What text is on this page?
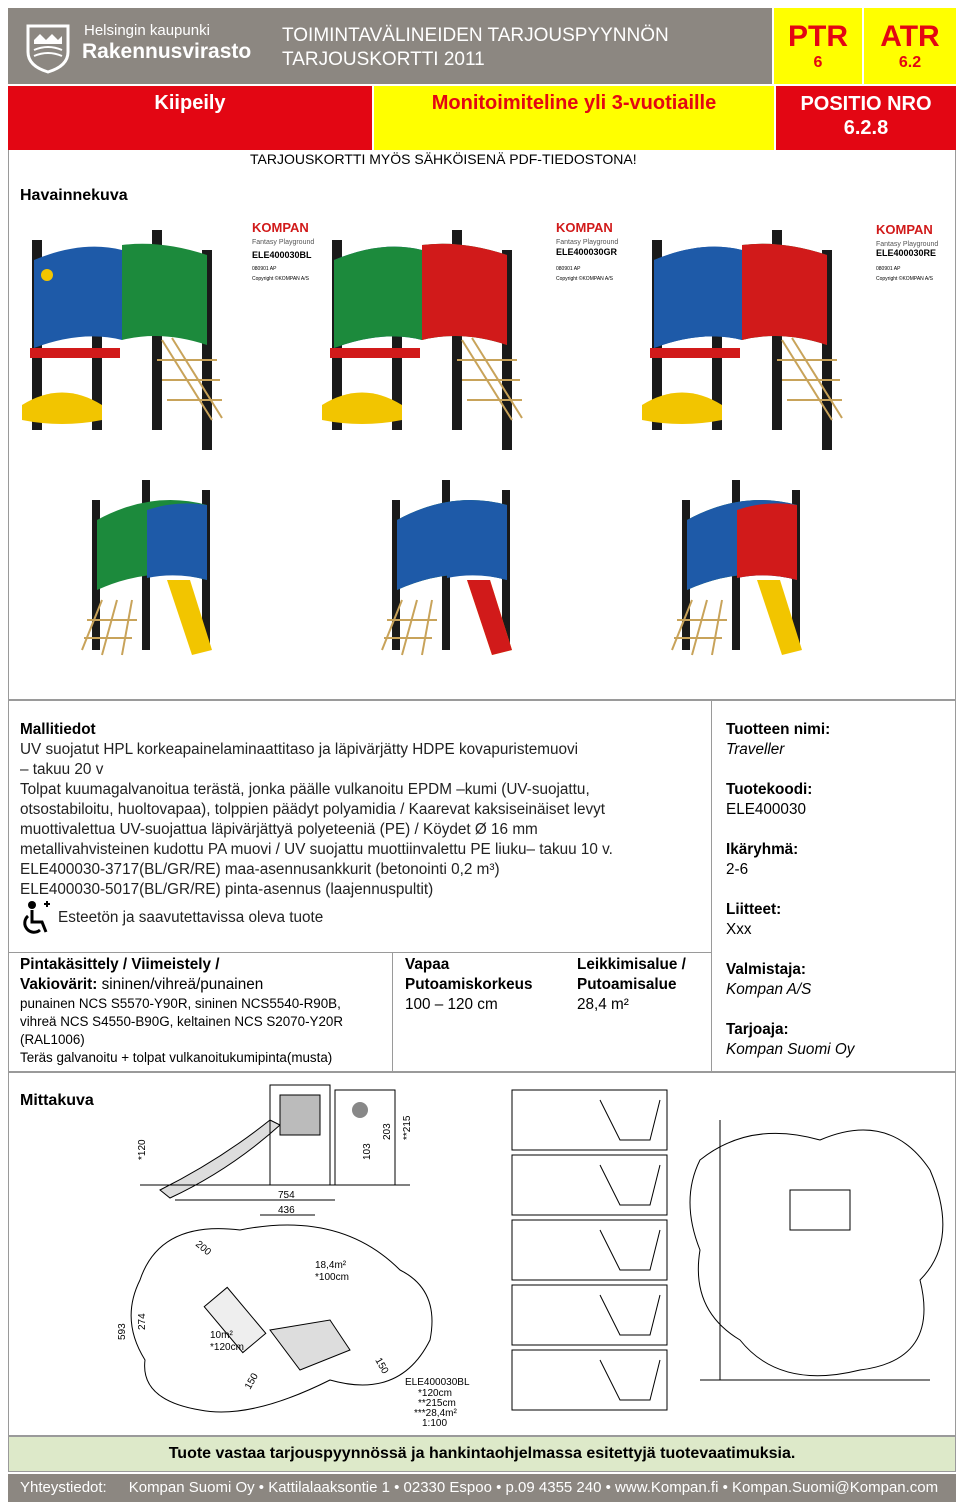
Helsingin kaupunki
Rakennusvirasto
TOIMINTAVÄLINEIDEN TARJOUSPYYNNÖN
TARJOUSKORTTI 2011
PTR
6
ATR
6.2
Kiipeily	Monitoimiteline yli 3-vuotiaille	POSITIO NRO
6.2.8
TARJOUSKORTTI MYÖS SÄHKÖISENÄ PDF-TIEDOSTONA!
Havainnekuva
KOMPAN
Fantasy Playground
ELE400030BL
080901 AP
Copyright ©KOMPAN A/S
KOMPAN
Fantasy Playground
ELE400030GR
080901 AP
Copyright ©KOMPAN A/S
KOMPAN
Fantasy Playground
ELE400030RE
080901 AP
Copyright ©KOMPAN A/S
Mallitiedot
UV suojatut HPL korkeapainelaminaattitaso ja läpivärjätty HDPE kovapuristemuovi
– takuu 20 v
Tolpat kuumagalvanoitua terästä, jonka päälle vulkanoitu EPDM –kumi (UV-suojattu,
otsostabiloitu, huoltovapaa), tolppien päädyt polyamidia / Kaarevat kaksiseinäiset levyt
muottivalettua UV-suojattua läpivärjättyä polyeteeniä (PE) / Köydet Ø 16 mm
metallivahvisteinen kudottu PA muovi / UV suojattu muottiinvalettu PE liuku– takuu 10 v.
ELE400030-3717(BL/GR/RE) maa-asennusankkurit (betonointi 0,2 m³)
ELE400030-5017(BL/GR/RE) pinta-asennus (laajennuspultit)
Esteetön ja saavutettavissa oleva tuote
Tuotteen nimi:
Traveller
Tuotekoodi:
ELE400030
Ikäryhmä:
2-6
Liitteet:
Xxx
Valmistaja:
Kompan A/S
Tarjoaja:
Kompan Suomi Oy
Pintakäsittely / Viimeistely /
Vakiovärit: sininen/vihreä/punainen
punainen NCS S5570-Y90R, sininen NCS5540-R90B,
vihreä NCS S4550-B90G, keltainen NCS S2070-Y20R
(RAL1006)
Teräs galvanoitu + tolpat vulkanoitukumipinta(musta)
Vapaa
Putoamiskorkeus
100 – 120 cm
Leikkimisalue /
Putoamisalue
28,4 m²
Mittakuva
754
436
*120	103
203 **215
18,4m²
*100cm
10m²
*120cm
200
593
274
150
150	ELE400030BL
*120cm
**215cm
***28,4m²
1:100
Tuote vastaa tarjouspyynnössä ja hankintaohjelmassa esitettyjä tuotevaatimuksia.
Yhteystiedot: Kompan Suomi Oy • Kattilalaaksontie 1 • 02330 Espoo • p.09 4355 240 • www.Kompan.fi • Kompan.Suomi@Kompan.com
